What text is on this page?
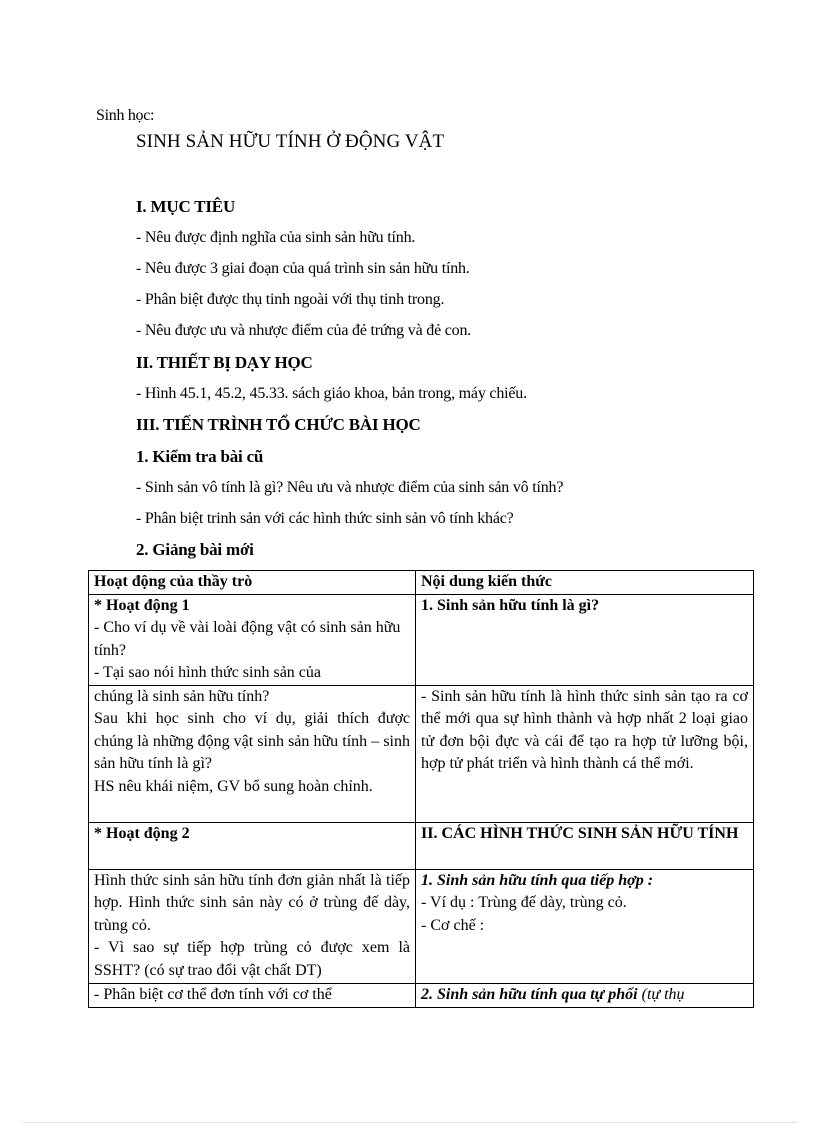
Sinh học:
SINH SẢN HỮU TÍNH Ở ĐỘNG VẬT
I. MỤC TIÊU
- Nêu được định nghĩa của sinh sản hữu tính.
- Nêu được 3 giai đoạn của quá trình sin sản hữu tính.
- Phân biệt được thụ tinh ngoài với thụ tinh trong.
- Nêu được ưu và nhược điểm của đẻ trứng và đẻ con.
II. THIẾT BỊ DẠY HỌC
- Hình 45.1, 45.2, 45.33. sách giáo khoa, bản trong, máy chiếu.
III. TIẾN TRÌNH TỔ CHỨC BÀI HỌC
1. Kiểm tra bài cũ
- Sinh sản vô tính là gì? Nêu ưu và nhược điểm của sinh sản vô tính?
- Phân biệt trinh sản với các hình thức sinh sản vô tính khác?
2. Giảng bài mới
Hoạt động của thầy trò	Nội dung kiến thức

* Hoạt động 1
- Cho ví dụ về vài loài động vật có sinh sản hữu tính?
- Tại sao nói hình thức sinh sản của	1. Sinh sản hữu tính là gì?

chúng là sinh sản hữu tính?
Sau khi học sinh cho ví dụ, giải thích được chúng là những động vật sinh sản hữu tính – sinh sản hữu tính là gì?
HS nêu khái niệm, GV bổ sung hoàn chỉnh.	- Sinh sản hữu tính là hình thức sinh sản tạo ra cơ thể mới qua sự hình thành và hợp nhất 2 loại giao tử đơn bội đực và cái để tạo ra hợp tử lưỡng bội, hợp tử phát triển và hình thành cá thể mới.

* Hoạt động 2	II. CÁC HÌNH THỨC SINH SẢN HỮU TÍNH

Hình thức sinh sản hữu tính đơn giản nhất là tiếp hợp. Hình thức sinh sản này có ở trùng đế dày, trùng cỏ.
- Vì sao sự tiếp hợp trùng cỏ được xem là SSHT? (có sự trao đổi vật chất DT)	1. Sinh sản hữu tính qua tiếp hợp :
- Ví dụ : Trùng đế dày, trùng cỏ.
- Cơ chế :

- Phân biệt cơ thể đơn tính với cơ thể	2. Sinh sản hữu tính qua tự phối (tự thụ
